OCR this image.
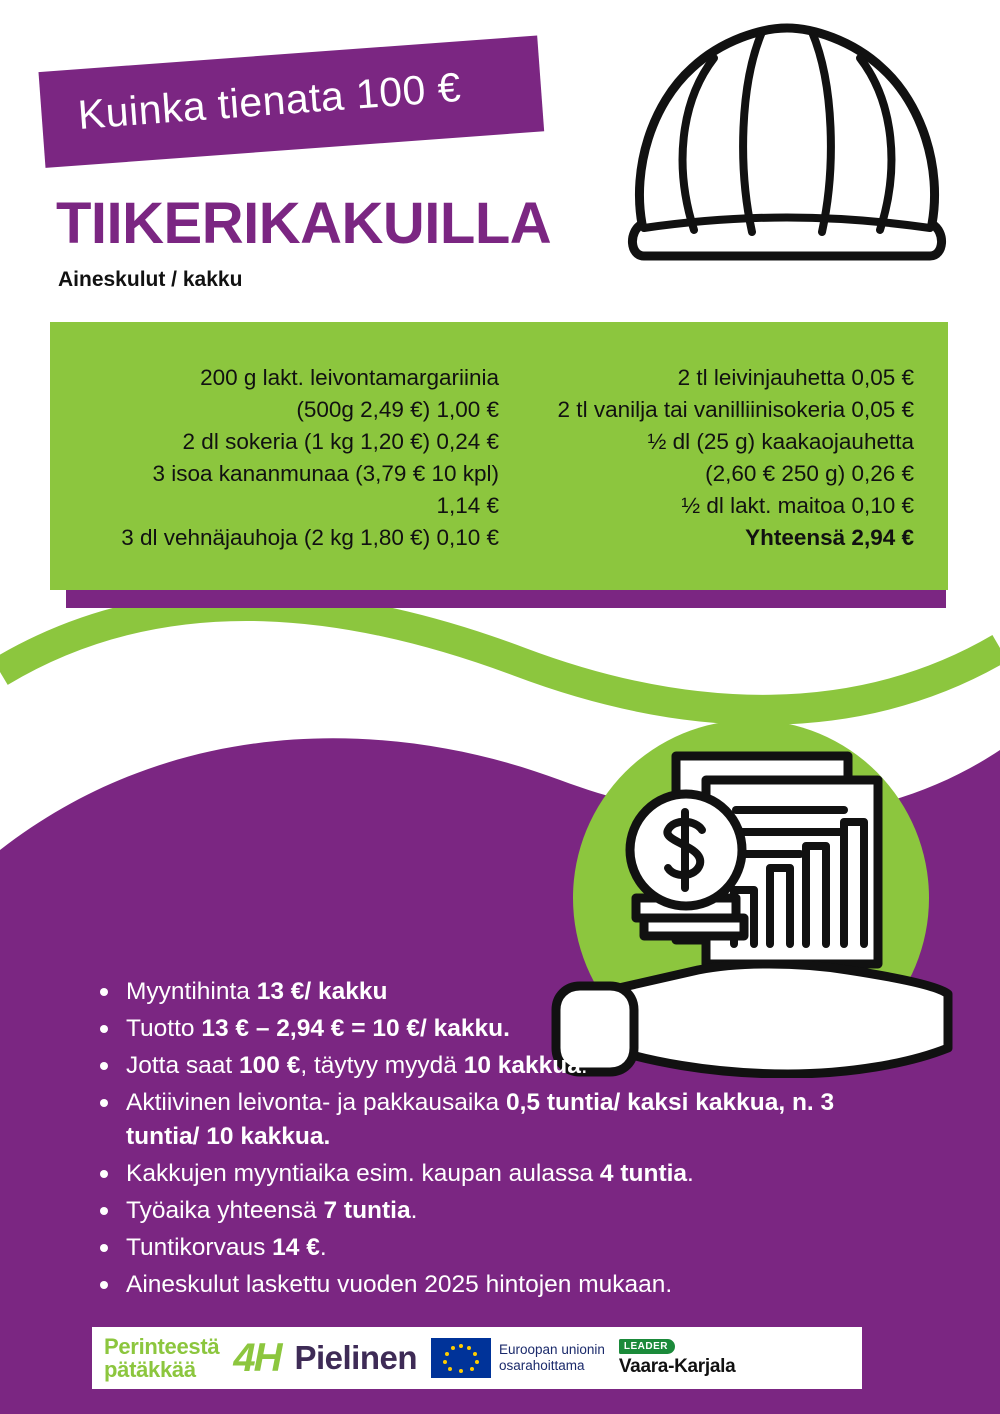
Kuinka tienata 100 €
TIIKERIKAKUILLA
Aineskulut / kakku
200 g lakt. leivontamargariinia
(500g 2,49 €) 1,00 €
2 dl sokeria (1 kg 1,20 €) 0,24 €
3 isoa kananmunaa (3,79 € 10 kpl)
1,14 €
3 dl vehnäjauhoja (2 kg 1,80 €) 0,10 €
2 tl leivinjauhetta 0,05 €
2 tl vanilja tai vanilliinisokeria 0,05 €
½ dl (25 g) kaakaojauhetta
(2,60 € 250 g) 0,26 €
½ dl lakt. maitoa 0,10 €
Yhteensä 2,94 €
Myyntihinta 13 €/ kakku
Tuotto 13 € – 2,94 € = 10 €/ kakku.
Jotta saat 100 €, täytyy myydä 10 kakkua.
Aktiivinen leivonta- ja pakkausaika 0,5 tuntia/ kaksi kakkua, n. 3 tuntia/ 10 kakkua.
Kakkujen myyntiaika esim. kaupan aulassa 4 tuntia.
Työaika yhteensä 7 tuntia.
Tuntikorvaus 14 €.
Aineskulut laskettu vuoden 2025 hintojen mukaan.
Perinteestä
pätäkkää 4H Pielinen	Euroopan unionin
osarahoittama
LEADER
Vaara-Karjala
